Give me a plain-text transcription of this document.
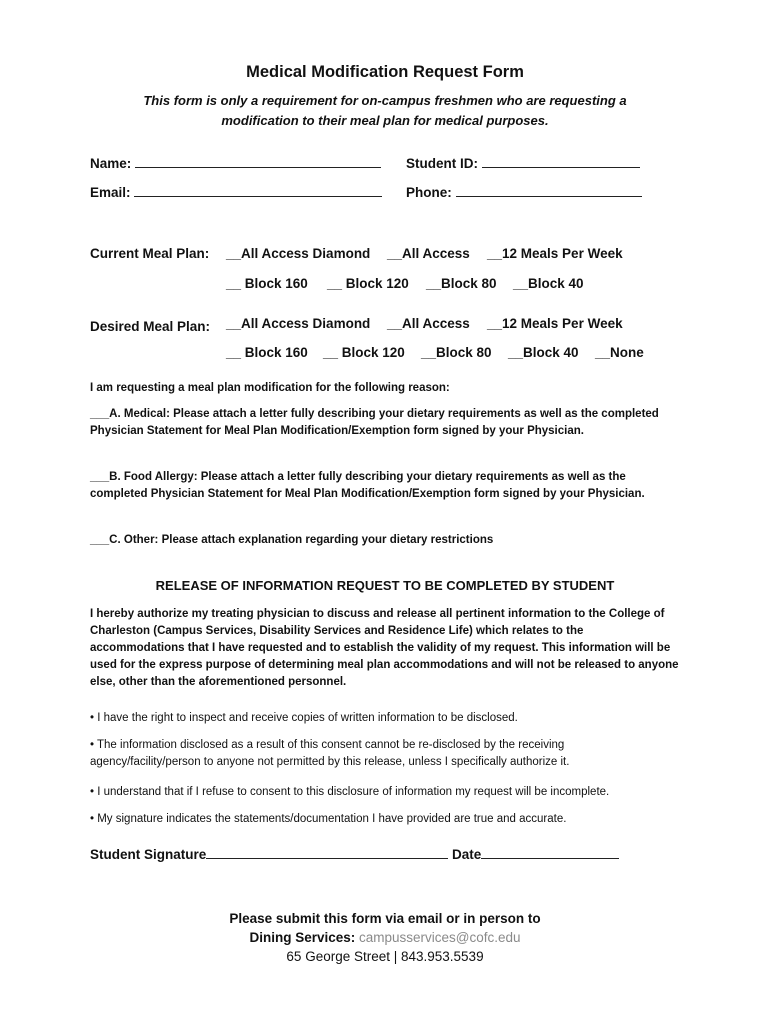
Medical Modification Request Form
This form is only a requirement for on-campus freshmen who are requesting a
modification to their meal plan for medical purposes.
Name:	Student ID:
Email:	Phone:
Current Meal Plan: __All Access Diamond __All Access __12 Meals Per Week
__ Block 160 __ Block 120 __Block 80 __Block 40
Desired Meal Plan: __All Access Diamond __All Access __12 Meals Per Week
__ Block 160 __ Block 120 __Block 80 __Block 40 __None
I am requesting a meal plan modification for the following reason:
___A. Medical: Please attach a letter fully describing your dietary requirements as well as the completed Physician Statement for Meal Plan Modification/Exemption form signed by your Physician.
___B. Food Allergy: Please attach a letter fully describing your dietary requirements as well as the completed Physician Statement for Meal Plan Modification/Exemption form signed by your Physician.
___C. Other: Please attach explanation regarding your dietary restrictions
RELEASE OF INFORMATION REQUEST TO BE COMPLETED BY STUDENT
I hereby authorize my treating physician to discuss and release all pertinent information to the College of Charleston (Campus Services, Disability Services and Residence Life) which relates to the accommodations that I have requested and to establish the validity of my request. This information will be used for the express purpose of determining meal plan accommodations and will not be released to anyone else, other than the aforementioned personnel.
• I have the right to inspect and receive copies of written information to be disclosed.
• The information disclosed as a result of this consent cannot be re-disclosed by the receiving agency/facility/person to anyone not permitted by this release, unless I specifically authorize it.
• I understand that if I refuse to consent to this disclosure of information my request will be incomplete.
• My signature indicates the statements/documentation I have provided are true and accurate.
Student Signature	Date
Please submit this form via email or in person to
Dining Services: campusservices@cofc.edu
65 George Street | 843.953.5539
